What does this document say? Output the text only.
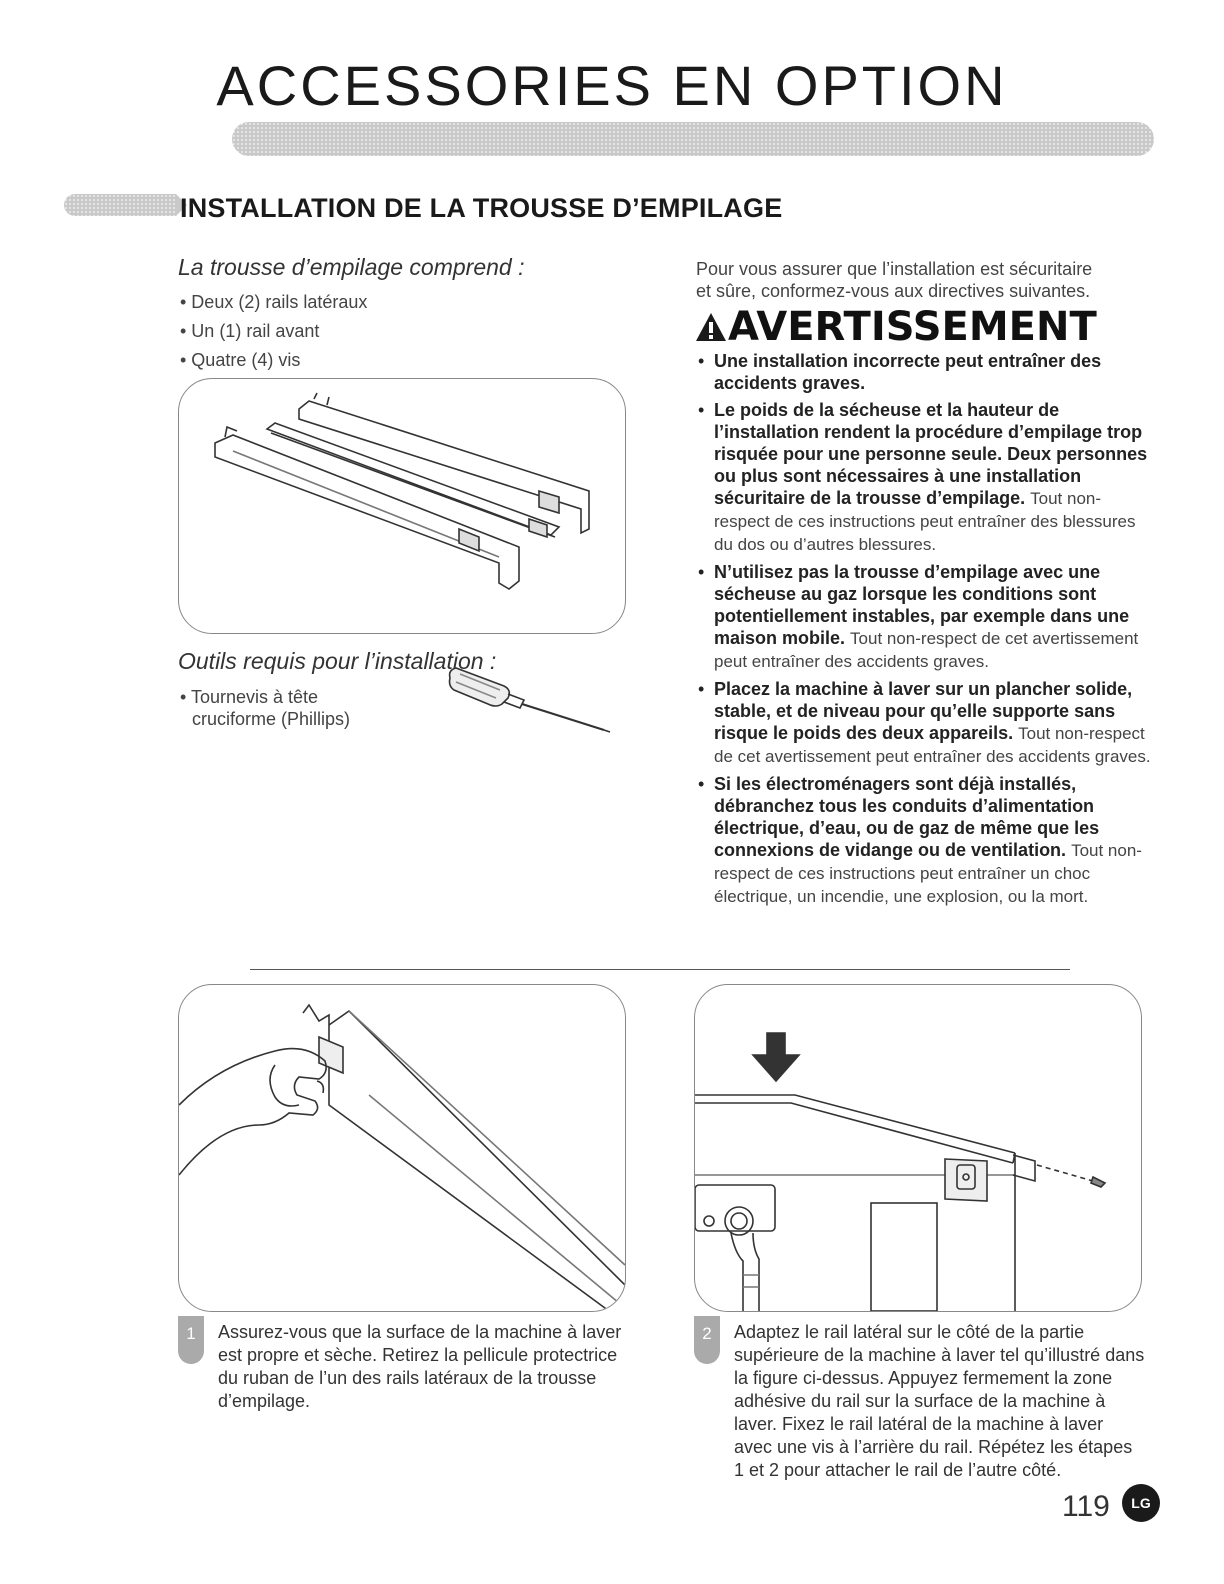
ACCESSORIES EN OPTION
INSTALLATION DE LA TROUSSE D’EMPILAGE
La trousse d’empilage comprend :
• Deux (2) rails latéraux
• Un (1) rail avant
• Quatre (4) vis
Outils requis pour l’installation :
• Tournevis à tête
cruciforme (Phillips)
Pour vous assurer que l’installation est sécuritaire
et sûre, conformez-vous aux directives suivantes.
AVERTISSEMENT
• Une installation incorrecte peut entraîner des accidents graves.
• Le poids de la sécheuse et la hauteur de l’installation rendent la procédure d’empilage trop risquée pour une personne seule. Deux personnes ou plus sont nécessaires à une installation sécuritaire de la trousse d’empilage. Tout non-respect de ces instructions peut entraîner des blessures du dos ou d’autres blessures.
• N’utilisez pas la trousse d’empilage avec une sécheuse au gaz lorsque les conditions sont potentiellement instables, par exemple dans une maison mobile. Tout non-respect de cet avertissement peut entraîner des accidents graves.
• Placez la machine à laver sur un plancher solide, stable, et de niveau pour qu’elle supporte sans risque le poids des deux appareils. Tout non-respect de cet avertissement peut entraîner des accidents graves.
• Si les électroménagers sont déjà installés, débranchez tous les conduits d’alimentation électrique, d’eau, ou de gaz de même que les connexions de vidange ou de ventilation. Tout non-respect de ces instructions peut entraîner un choc électrique, un incendie, une explosion, ou la mort.
1	Assurez-vous que la surface de la machine à laver est propre et sèche. Retirez la pellicule protectrice du ruban de l’un des rails latéraux de la trousse d’empilage.
2	Adaptez le rail latéral sur le côté de la partie supérieure de la machine à laver tel qu’illustré dans la figure ci-dessus. Appuyez fermement la zone adhésive du rail sur la surface de la machine à laver. Fixez le rail latéral de la machine à laver avec une vis à l’arrière du rail. Répétez les étapes 1 et 2 pour attacher le rail de l’autre côté.
119	LG
